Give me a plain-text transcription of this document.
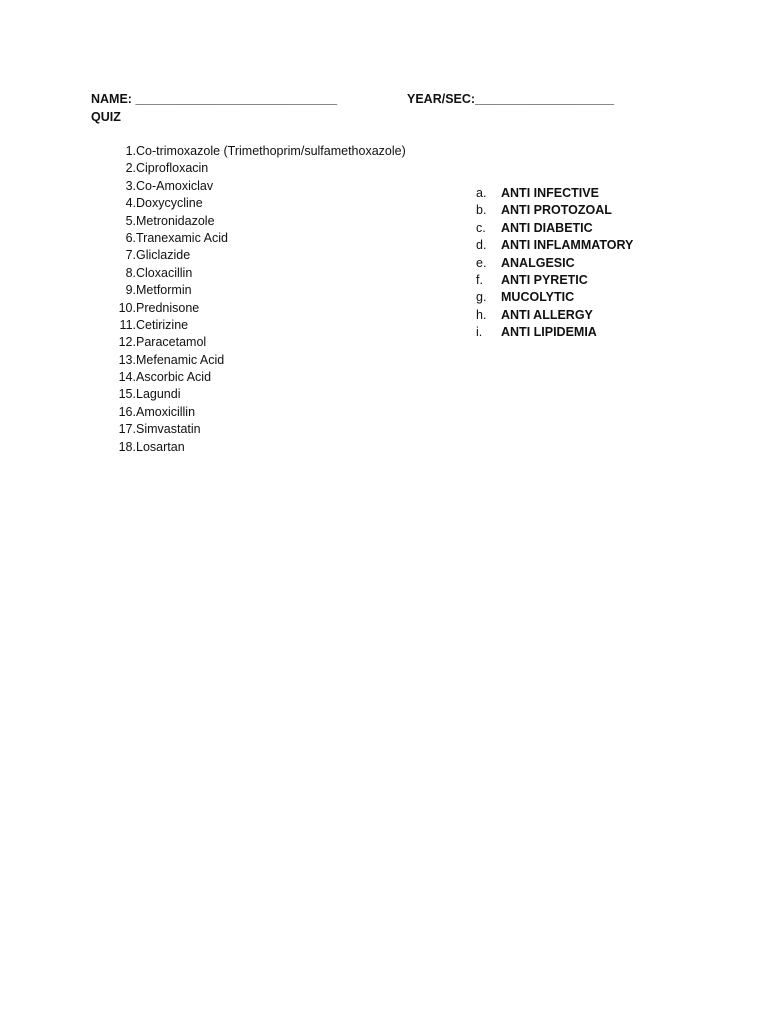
NAME: _____________________________	YEAR/SEC:____________________
QUIZ
1. Co-trimoxazole (Trimethoprim/sulfamethoxazole)
2. Ciprofloxacin
3. Co-Amoxiclav
4. Doxycycline
5. Metronidazole
6. Tranexamic Acid
7. Gliclazide
8. Cloxacillin
9. Metformin
10. Prednisone
11. Cetirizine
12. Paracetamol
13. Mefenamic Acid
14. Ascorbic Acid
15. Lagundi
16. Amoxicillin
17. Simvastatin
18. Losartan
a. ANTI INFECTIVE
b. ANTI PROTOZOAL
c. ANTI DIABETIC
d. ANTI INFLAMMATORY
e. ANALGESIC
f. ANTI PYRETIC
g. MUCOLYTIC
h. ANTI ALLERGY
i. ANTI LIPIDEMIA
